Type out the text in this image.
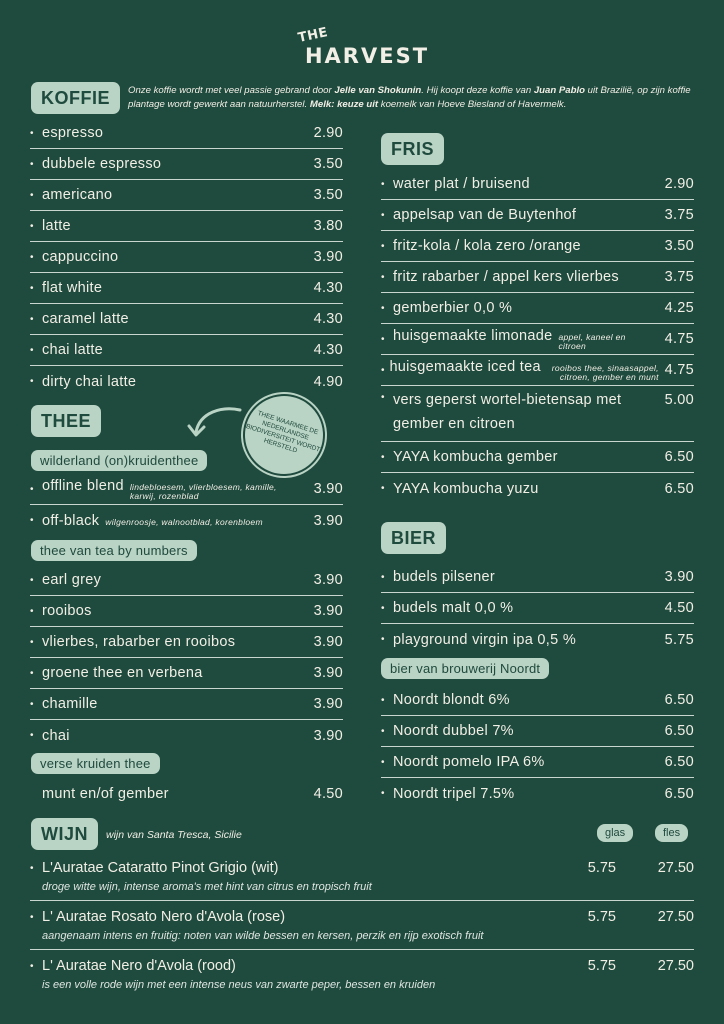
THE
HARVEST
KOFFIE	Onze koffie wordt met veel passie gebrand door Jelle van Shokunin. Hij koopt deze koffie van Juan Pablo uit Brazilië, op zijn koffie plantage wordt gewerkt aan natuurherstel. Melk: keuze uit koemelk van Hoeve Biesland of Havermelk.
• espresso	2.90
• dubbele espresso	3.50
• americano	3.50
• latte	3.80
• cappuccino	3.90
• flat white	4.30
• caramel latte	4.30
• chai latte	4.30
• dirty chai latte	4.90
THEE	THEE WAARMEE DE NEDERLANDSE BIODIVERSITEIT WORDT HERSTELD
wilderland (on)kruidenthee
• offline blend lindebloesem, vlierbloesem, kamille, karwij, rozenblad	3.90
• off-black wilgenroosje, walnootblad, korenbloem	3.90
thee van tea by numbers
• earl grey	3.90
• rooibos	3.90
• vlierbes, rabarber en rooibos	3.90
• groene thee en verbena	3.90
• chamille	3.90
• chai	3.90
verse kruiden thee
munt en/of gember	4.50
FRIS
• water plat / bruisend	2.90
• appelsap van de Buytenhof	3.75
• fritz-kola / kola zero /orange	3.50
• fritz rabarber / appel kers vlierbes	3.75
• gemberbier 0,0 %	4.25
• huisgemaakte limonade appel, kaneel en citroen	4.75
• huisgemaakte iced tea	rooibos thee, sinaasappel, citroen, gember en munt 4.75
• vers geperst wortel-bietensap met
gember en citroen
5.00
• YAYA kombucha gember	6.50
• YAYA kombucha yuzu	6.50
BIER
• budels pilsener	3.90
• budels malt 0,0 %	4.50
• playground virgin ipa 0,5 %	5.75
bier van brouwerij Noordt
• Noordt blondt 6%	6.50
• Noordt dubbel 7%	6.50
• Noordt pomelo IPA 6%	6.50
• Noordt tripel 7.5%	6.50
WIJN	wijn van Santa Tresca, Sicilie	glas	fles
• L'Auratae Cataratto Pinot Grigio (wit)	5.75	27.50
droge witte wijn, intense aroma's met hint van citrus en tropisch fruit
• L' Auratae Rosato Nero d'Avola (rose)	5.75	27.50
aangenaam intens en fruitig: noten van wilde bessen en kersen, perzik en rijp exotisch fruit
• L' Auratae Nero d'Avola (rood)	5.75	27.50
is een volle rode wijn met een intense neus van zwarte peper, bessen en kruiden
